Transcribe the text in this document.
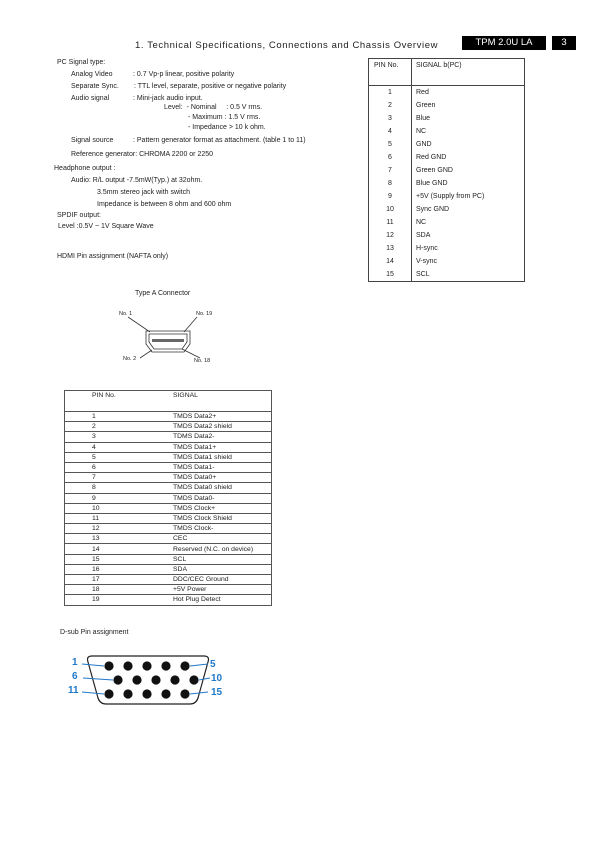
1. Technical Specifications, Connections and Chassis Overview	TPM 2.0U LA	3
PC Signal type:
Analog Video	: 0.7 Vp-p linear, positive polarity
Separate Sync. : TTL level, separate, positive or negative polarity
Audio signal	: Mini-jack audio input.
Level:  - Nominal     : 0.5 V rms.
- Maximum : 1.5 V rms.
- Impedance > 10 k ohm.
Signal source	: Pattern generator format as attachment. (table 1 to 11)
Reference generator: CHROMA 2200 or 2250
Headphone output :
Audio: R/L output -7.5mW(Typ.) at 32ohm.
3.5mm stereo jack with switch
Impedance is between 8 ohm and 600 ohm
SPDIF output:
Level :0.5V ~ 1V Square Wave
HDMI Pin assignment (NAFTA only)
Type A Connector
No. 1	No. 19
No. 2	No. 18
PIN No.	SIGNAL b(PC)
1	Red
2	Green
3	Blue
4	NC
5	GND
6	Red GND
7	Green GND
8	Blue GND
9	+5V (Supply from PC)
10	Sync GND
11	NC
12	SDA
13	H-sync
14	V-sync
15	SCL
PIN No.	SIGNAL
1	TMDS Data2+
2	TMDS Data2 shield
3	TDMS Data2-
4	TMDS Data1+
5	TMDS Data1 shield
6	TMDS Data1-
7	TMDS Data0+
8	TMDS Data0 shield
9	TMDS Data0-
10	TMDS Clock+
11	TMDS Clock Shield
12	TMDS Clock-
13	CEC
14	Reserved (N.C. on device)
15	SCL
16	SDA
17	DDC/CEC Ground
18	+5V Power
19	Hot Plug Detect
D-sub Pin assignment
1
6
11
5
10
15
